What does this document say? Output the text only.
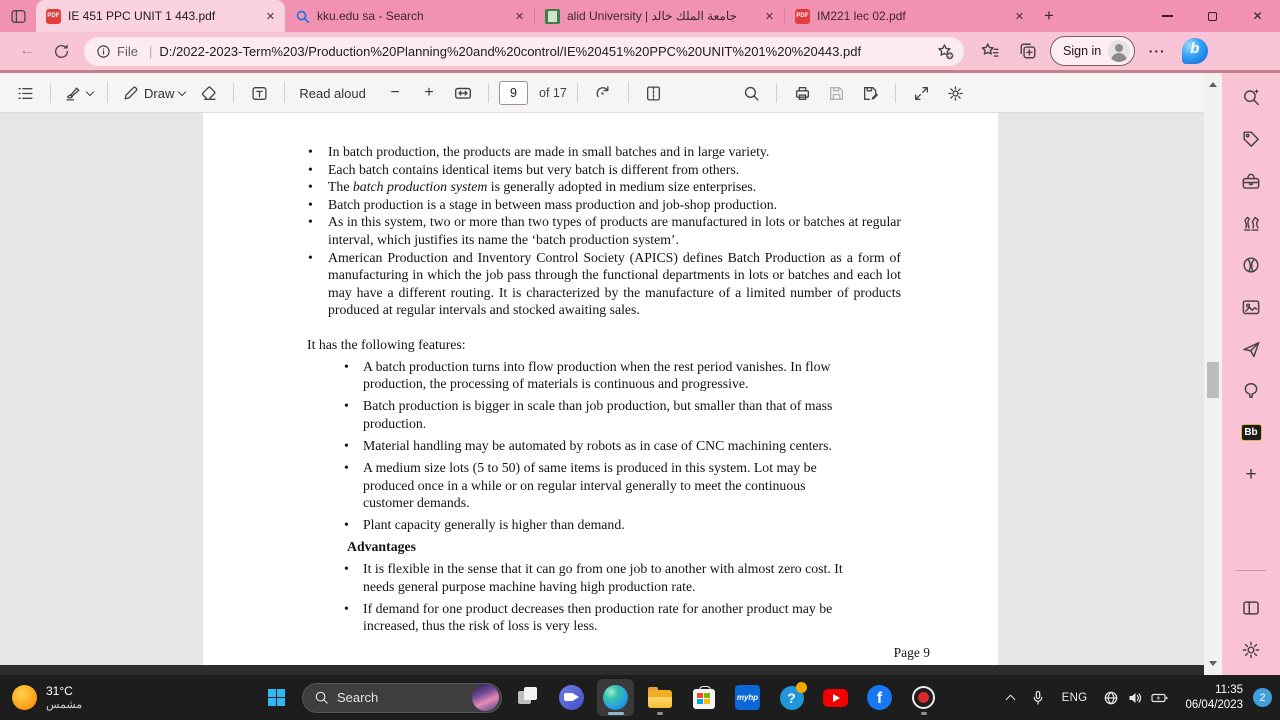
PDF IE 451 PPC UNIT 1 443.pdf	✕	kku.edu sa - Search	✕	alid University | جامعة الملك خالد	✕	PDF IM221 lec 02.pdf	✕	+	✕
←	File | D:/2022-2023-Term%203/Production%20Planning%20and%20control/IE%20451%20PPC%20UNIT%201%20%20443.pdf	Sign in	···
b
Draw	Read aloud	−	+
9	of 17
• In batch production, the products are made in small batches and in large variety.
• Each batch contains identical items but very batch is different from others.
• The batch production system is generally adopted in medium size enterprises.
• Batch production is a stage in between mass production and job-shop production.
• As in this system, two or more than two types of products are manufactured in lots or batches at regular interval, which justifies its name the ‘batch production system’.
• American Production and Inventory Control Society (APICS) defines Batch Production as a form of manufacturing in which the job pass through the functional departments in lots or batches and each lot may have a different routing. It is characterized by the manufacture of a limited number of products produced at regular intervals and stocked awaiting sales.
It has the following features:
• A batch production turns into flow production when the rest period vanishes. In flow production, the processing of materials is continuous and progressive.
• Batch production is bigger in scale than job production, but smaller than that of mass production.
• Material handling may be automated by robots as in case of CNC machining centers.
• A medium size lots (5 to 50) of same items is produced in this system. Lot may be produced once in a while or on regular interval generally to meet the continuous customer demands.
• Plant capacity generally is higher than demand.
Advantages
• It is flexible in the sense that it can go from one job to another with almost zero cost. It needs general purpose machine having high production rate.
• If demand for one product decreases then production rate for another product may be increased, thus the risk of loss is very less.
Page 9
Bb
+
31°C
مشمس	Search	myhp ?	f	ENG
11:35
06/04/2023
2
